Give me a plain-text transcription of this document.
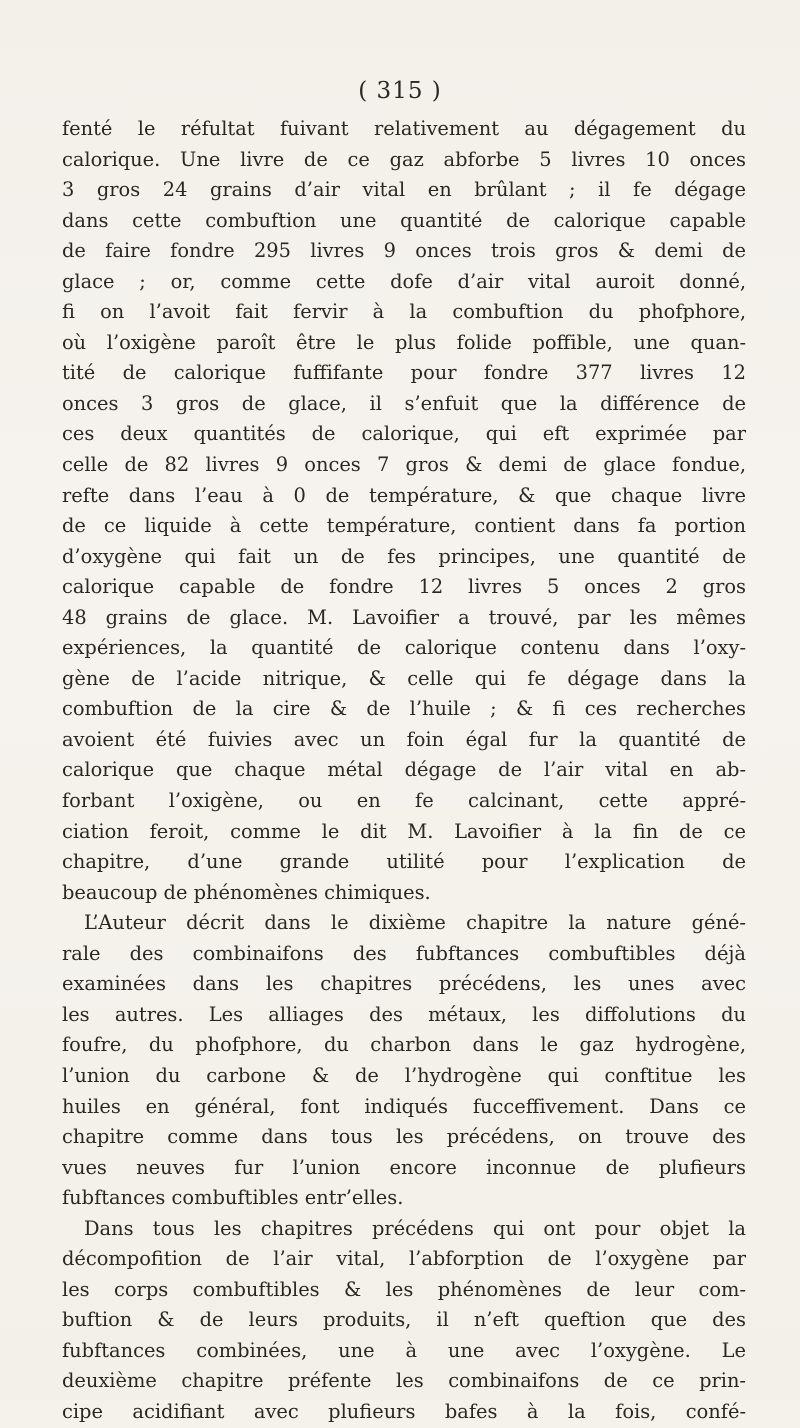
( 315 )
fenté le réfultat fuivant relativement au dégagement du
calorique. Une livre de ce gaz abforbe 5 livres 10 onces
3 gros 24 grains d’air vital en brûlant ; il fe dégage
dans cette combuftion une quantité de calorique capable
de faire fondre 295 livres 9 onces trois gros & demi de
glace ; or, comme cette dofe d’air vital auroit donné,
fi on l’avoit fait fervir à la combuftion du phofphore,
où l’oxigène paroît être le plus folide poffible, une quan-
tité de calorique fuffifante pour fondre 377 livres 12
onces 3 gros de glace, il s’enfuit que la différence de
ces deux quantités de calorique, qui eft exprimée par
celle de 82 livres 9 onces 7 gros & demi de glace fondue,
refte dans l’eau à 0 de température, & que chaque livre
de ce liquide à cette température, contient dans fa portion
d’oxygène qui fait un de fes principes, une quantité de
calorique capable de fondre 12 livres 5 onces 2 gros
48 grains de glace. M. Lavoifier a trouvé, par les mêmes
expériences, la quantité de calorique contenu dans l’oxy-
gène de l’acide nitrique, & celle qui fe dégage dans la
combuftion de la cire & de l’huile ; & fi ces recherches
avoient été fuivies avec un foin égal fur la quantité de
calorique que chaque métal dégage de l’air vital en ab-
forbant l’oxigène, ou en fe calcinant, cette appré-
ciation feroit, comme le dit M. Lavoifier à la fin de ce
chapitre, d’une grande utilité pour l’explication de
beaucoup de phénomènes chimiques.
L’Auteur décrit dans le dixième chapitre la nature géné-
rale des combinaifons des fubftances combuftibles déjà
examinées dans les chapitres précédens, les unes avec
les autres. Les alliages des métaux, les diffolutions du
foufre, du phofphore, du charbon dans le gaz hydrogène,
l’union du carbone & de l’hydrogène qui conftitue les
huiles en général, font indiqués fucceffivement. Dans ce
chapitre comme dans tous les précédens, on trouve des
vues neuves fur l’union encore inconnue de plufieurs
fubftances combuftibles entr’elles.
Dans tous les chapitres précédens qui ont pour objet la
décompofition de l’air vital, l’abforption de l’oxygène par
les corps combuftibles & les phénomènes de leur com-
buftion & de leurs produits, il n’eft queftion que des
fubftances combinées, une à une avec l’oxygène. Le
deuxième chapitre préfente les combinaifons de ce prin-
cipe acidifiant avec plufieurs bafes à la fois, confé-
